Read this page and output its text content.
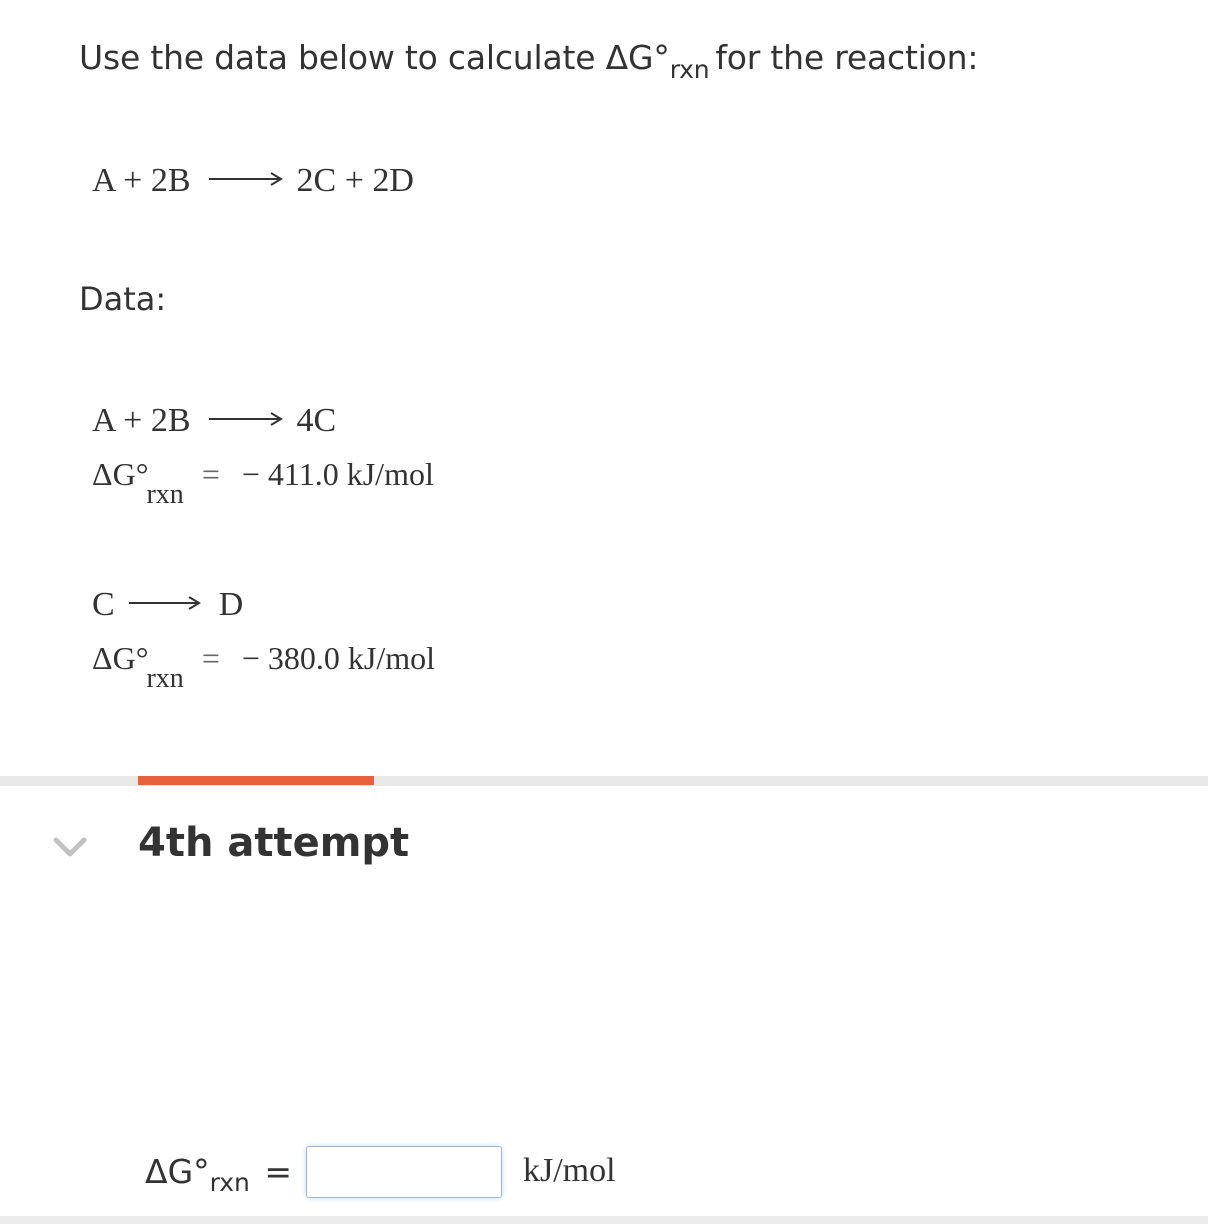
Use the data below to calculate $\Delta G^\circ_{rxn}$ for the reaction:
A + 2B → 2C + 2D
Data:
A + 2B → 4C
ΔG°rxn= − 411.0 kJ/mol
C → D
ΔG°rxn= − 380.0 kJ/mol
4th attempt
$\Delta G^\circ_{rxn}$ =	kJ/mol
